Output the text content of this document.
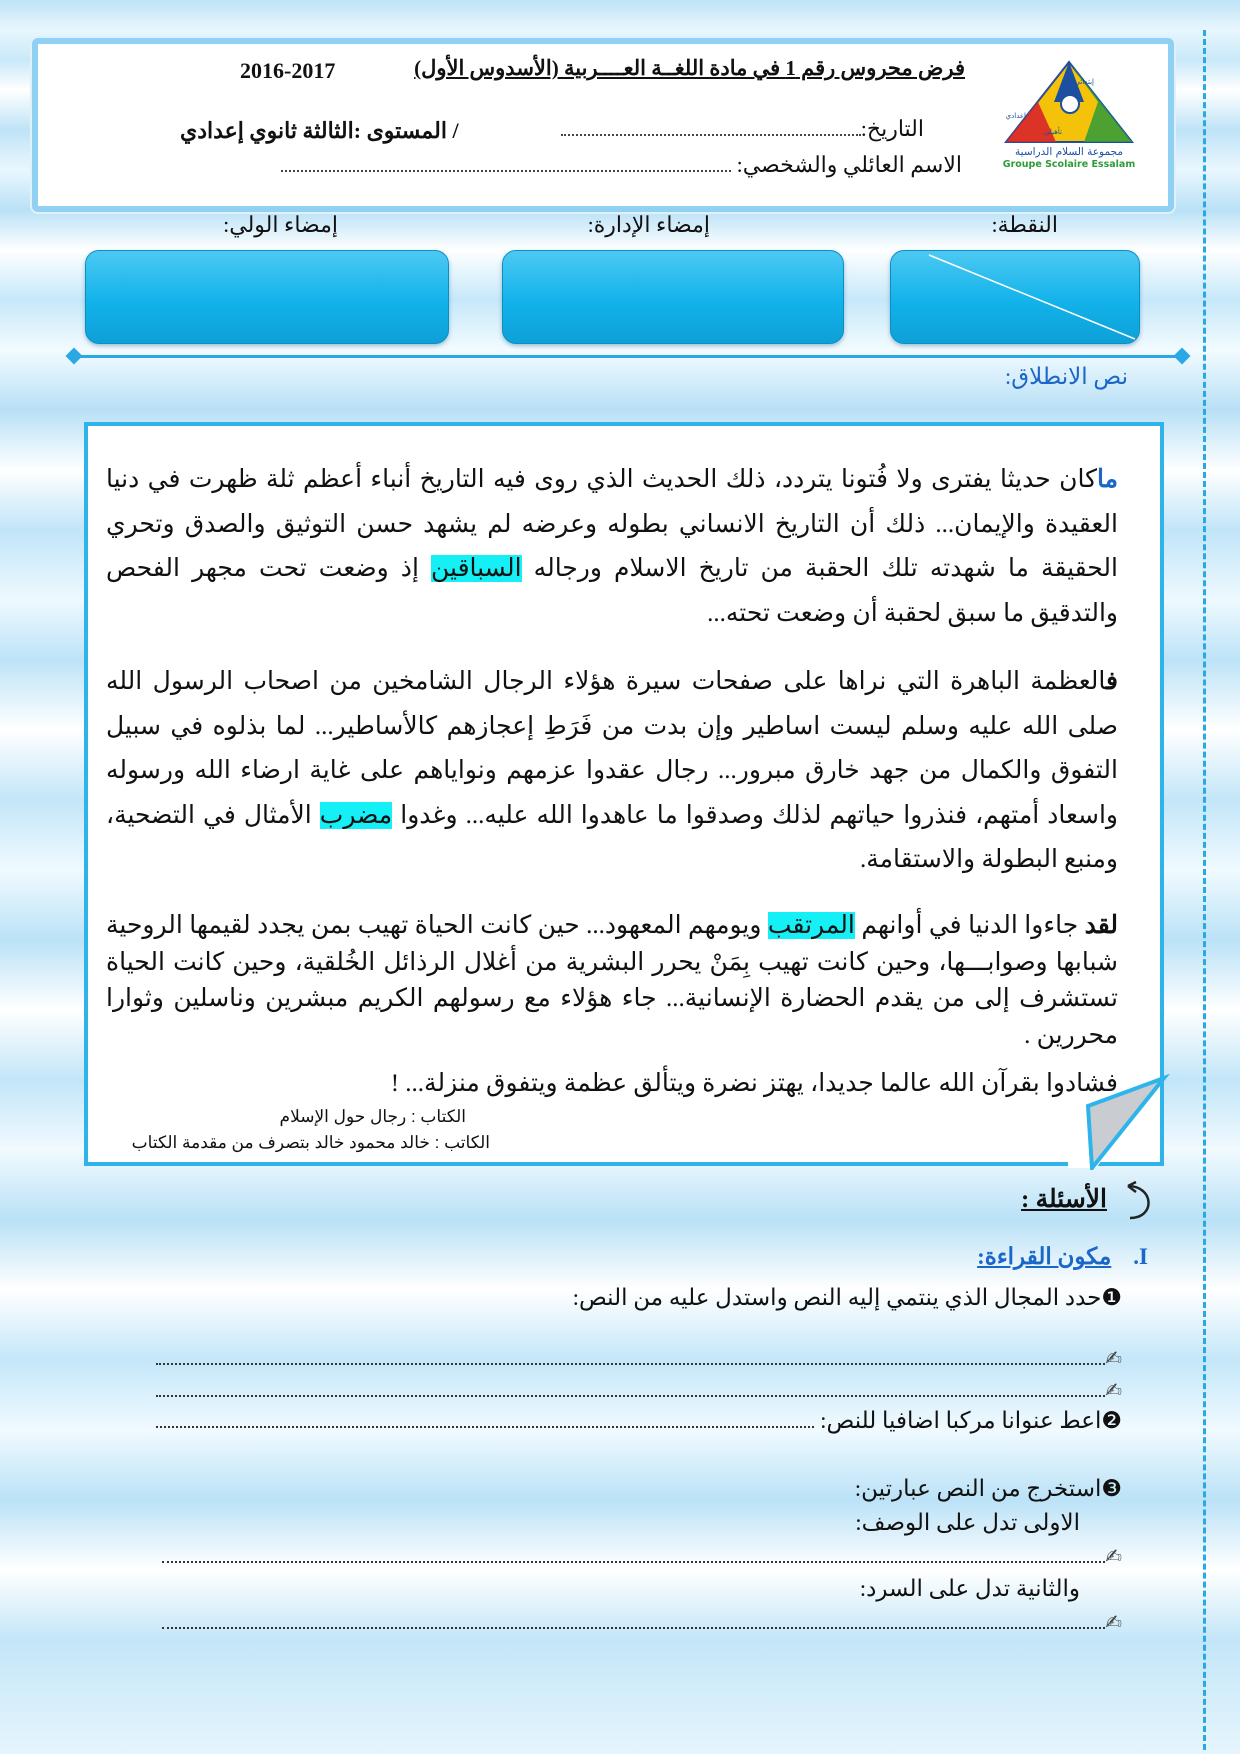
مجموعة السلام الدراسية
Groupe Scolaire Essalam
إبتدائي
إعدادي
تأهيلي
فرض محروس رقم 1 في مادة اللغــة العــــربية (الأسدوس الأول)
2016-2017
التاريخ:
/ المستوى :الثالثة ثانوي إعدادي
الاسم العائلي والشخصي:
النقطة:
إمضاء الإدارة:
إمضاء الولي:
نص الانطلاق:
ماكان حديثا يفترى ولا فُتونا يتردد، ذلك الحديث الذي روى فيه التاريخ أنباء أعظم ثلة ظهرت في دنيا العقيدة والإيمان... ذلك أن التاريخ الانساني بطوله وعرضه لم يشهد حسن التوثيق والصدق وتحري الحقيقة ما شهدته تلك الحقبة من تاريخ الاسلام ورجاله السباقين إذ وضعت تحت مجهر الفحص والتدقيق ما سبق لحقبة أن وضعت تحته...
فالعظمة الباهرة التي نراها على صفحات سيرة هؤلاء الرجال الشامخين من اصحاب الرسول الله صلى الله عليه وسلم ليست اساطير وإن بدت من فَرَطِ إعجازهم كالأساطير... لما بذلوه في سبيل التفوق والكمال من جهد خارق مبرور... رجال عقدوا عزمهم ونواياهم على غاية ارضاء الله ورسوله واسعاد أمتهم، فنذروا حياتهم لذلك وصدقوا ما عاهدوا الله عليه... وغدوا مضرب الأمثال في التضحية، ومنبع البطولة والاستقامة.
لقد جاءوا الدنيا في أوانهم المرتقب ويومهم المعهود... حين كانت الحياة تهيب بمن يجدد لقيمها الروحية شبابها وصوابـــها، وحين كانت تهيب بِمَنْ يحرر البشرية من أغلال الرذائل الخُلقية، وحين كانت الحياة تستشرف إلى من يقدم الحضارة الإنسانية... جاء هؤلاء مع رسولهم الكريم مبشرين وناسلين وثوارا محررين .
فشادوا بقرآن الله عالما جديدا، يهتز نضرة ويتألق عظمة ويتفوق منزلة... !
الكتاب : رجال حول الإسلام
الكاتب : خالد محمود خالد بتصرف من مقدمة الكتاب
الأسئلة :
I.مكون القراءة:
❶حدد المجال الذي ينتمي إليه النص واستدل عليه من النص:
✍
✍
❷اعط عنوانا مركبا اضافيا للنص:
❸استخرج من النص عبارتين:
الاولى تدل على الوصف:
✍
والثانية تدل على السرد:
✍
